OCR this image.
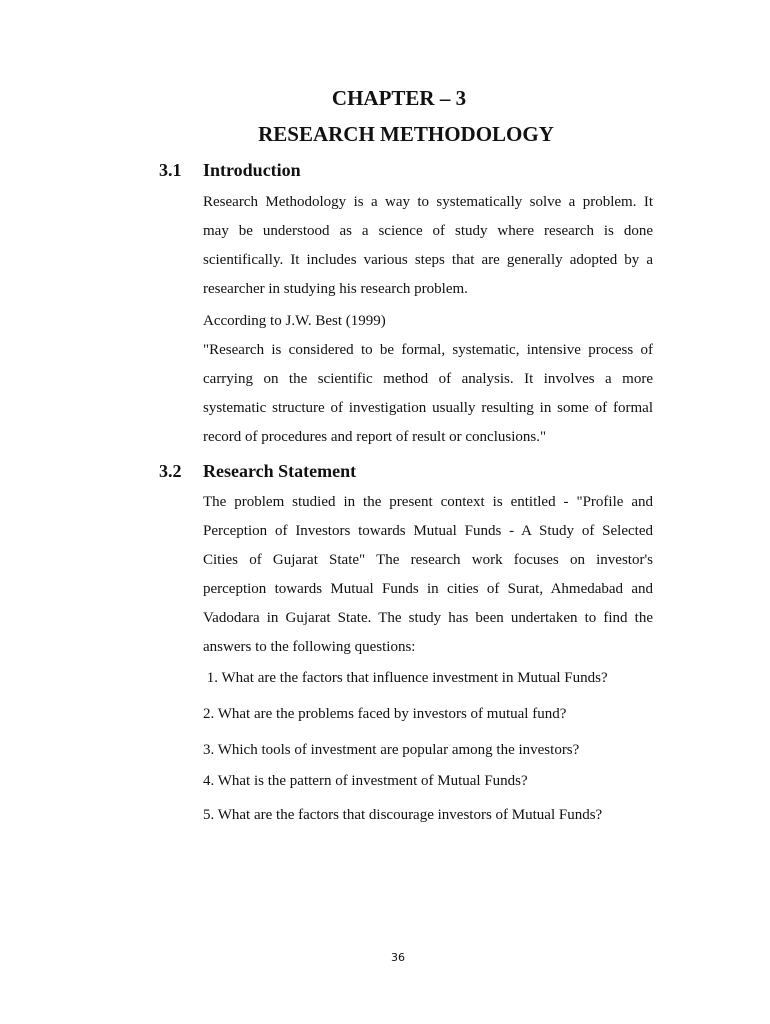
CHAPTER – 3
RESEARCH METHODOLOGY
3.1 Introduction
Research Methodology is a way to systematically solve a problem. It
may be understood as a science of study where research is done
scientifically. It includes various steps that are generally adopted by a
researcher in studying his research problem.
According to J.W. Best (1999)
"Research is considered to be formal, systematic, intensive process of
carrying on the scientific method of analysis. It involves a more
systematic structure of investigation usually resulting in some of formal
record of procedures and report of result or conclusions."
3.2 Research Statement
The problem studied in the present context is entitled - "Profile and
Perception of Investors towards Mutual Funds - A Study of Selected
Cities of Gujarat State" The research work focuses on investor's
perception towards Mutual Funds in cities of Surat, Ahmedabad and
Vadodara in Gujarat State. The study has been undertaken to find the
answers to the following questions:
1. What are the factors that influence investment in Mutual Funds?
2. What are the problems faced by investors of mutual fund?
3. Which tools of investment are popular among the investors?
4. What is the pattern of investment of Mutual Funds?
5. What are the factors that discourage investors of Mutual Funds?
36
